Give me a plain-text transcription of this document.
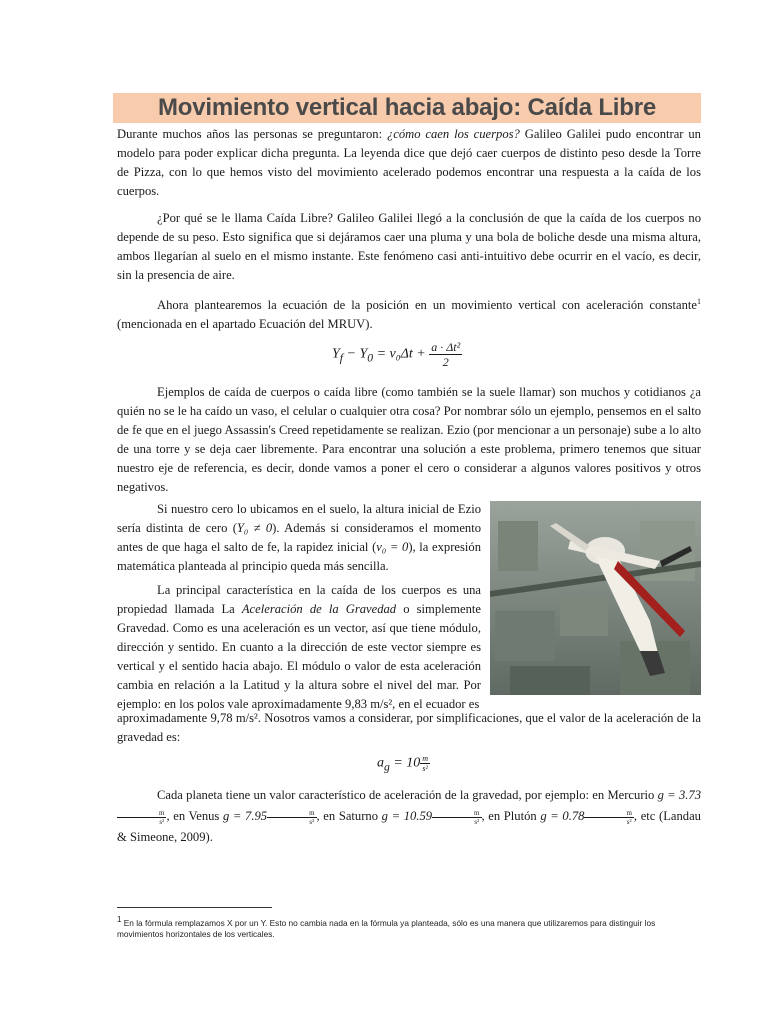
Movimiento vertical hacia abajo: Caída Libre

Durante muchos años las personas se preguntaron: ¿cómo caen los cuerpos? Galileo Galilei pudo encontrar un modelo para poder explicar dicha pregunta. La leyenda dice que dejó caer cuerpos de distinto peso desde la Torre de Pizza, con lo que hemos visto del movimiento acelerado podemos encontrar una respuesta a la caída de los cuerpos.

¿Por qué se le llama Caída Libre? Galileo Galilei llegó a la conclusión de que la caída de los cuerpos no depende de su peso. Esto significa que si dejáramos caer una pluma y una bola de boliche desde una misma altura, ambos llegarían al suelo en el mismo instante. Este fenómeno casi anti-intuitivo debe ocurrir en el vacío, es decir, sin la presencia de aire.

Ahora plantearemos la ecuación de la posición en un movimiento vertical con aceleración constante$^1$ (mencionada en el apartado Ecuación del MRUV).

$Y_f - Y_0 = v_0\Delta t + \frac{\text{a · Δt²}}{2}$

Ejemplos de caída de cuerpos o caída libre (como también se la suele llamar) son muchos y cotidianos ¿a quién no se le ha caído un vaso, el celular o cualquier otra cosa? Por nombrar sólo un ejemplo, pensemos en el salto de fe que en el juego Assassin's Creed repetidamente se realizan. Ezio (por mencionar a un personaje) sube a lo alto de una torre y se deja caer libremente. Para encontrar una solución a este problema, primero tenemos que situar nuestro eje de referencia, es decir, donde vamos a poner el cero o considerar a algunos valores positivos y otros negativos.

Si nuestro cero lo ubicamos en el suelo, la altura inicial de Ezio sería distinta de cero (Y₀ ≠ 0). Además si consideramos el momento antes de que haga el salto de fe, la rapidez inicial (v₀ = 0), la expresión matemática planteada al principio queda más sencilla.

La principal característica en la caída de los cuerpos es una propiedad llamada La Aceleración de la Gravedad o simplemente Gravedad. Como es una aceleración es un vector, así que tiene módulo, dirección y sentido. En cuanto a la dirección de este vector siempre es vertical y el sentido hacia abajo. El módulo o valor de esta aceleración cambia en relación a la Latitud y la altura sobre el nivel del mar. Por ejemplo: en los polos vale aproximadamente 9,83 m/s², en el ecuador es

aproximadamente 9,78 m/s². Nosotros vamos a considerar, por simplificaciones, que el valor de la aceleración de la gravedad es:

$a_g = 10 \frac{m}{\text{s²}}$

Cada planeta tiene un valor característico de aceleración de la gravedad, por ejemplo: en Mercurio g = 3.73
$\frac{m}{\text{s²}}$ , en Venus $g = 7.95 \frac{m}{\text{s²}}$ , en Saturno $g = 10.59 \frac{m}{\text{s²}}$ , en Plutón $g = 0.78 \frac{m}{\text{s²}}$ , etc (Landau & Simeone, 2009).

$^1$ En la fórmula remplazamos X por un Y. Esto no cambia nada en la fórmula ya planteada, sólo es una manera que utilizaremos para distinguir los movimientos horizontales de los verticales.
